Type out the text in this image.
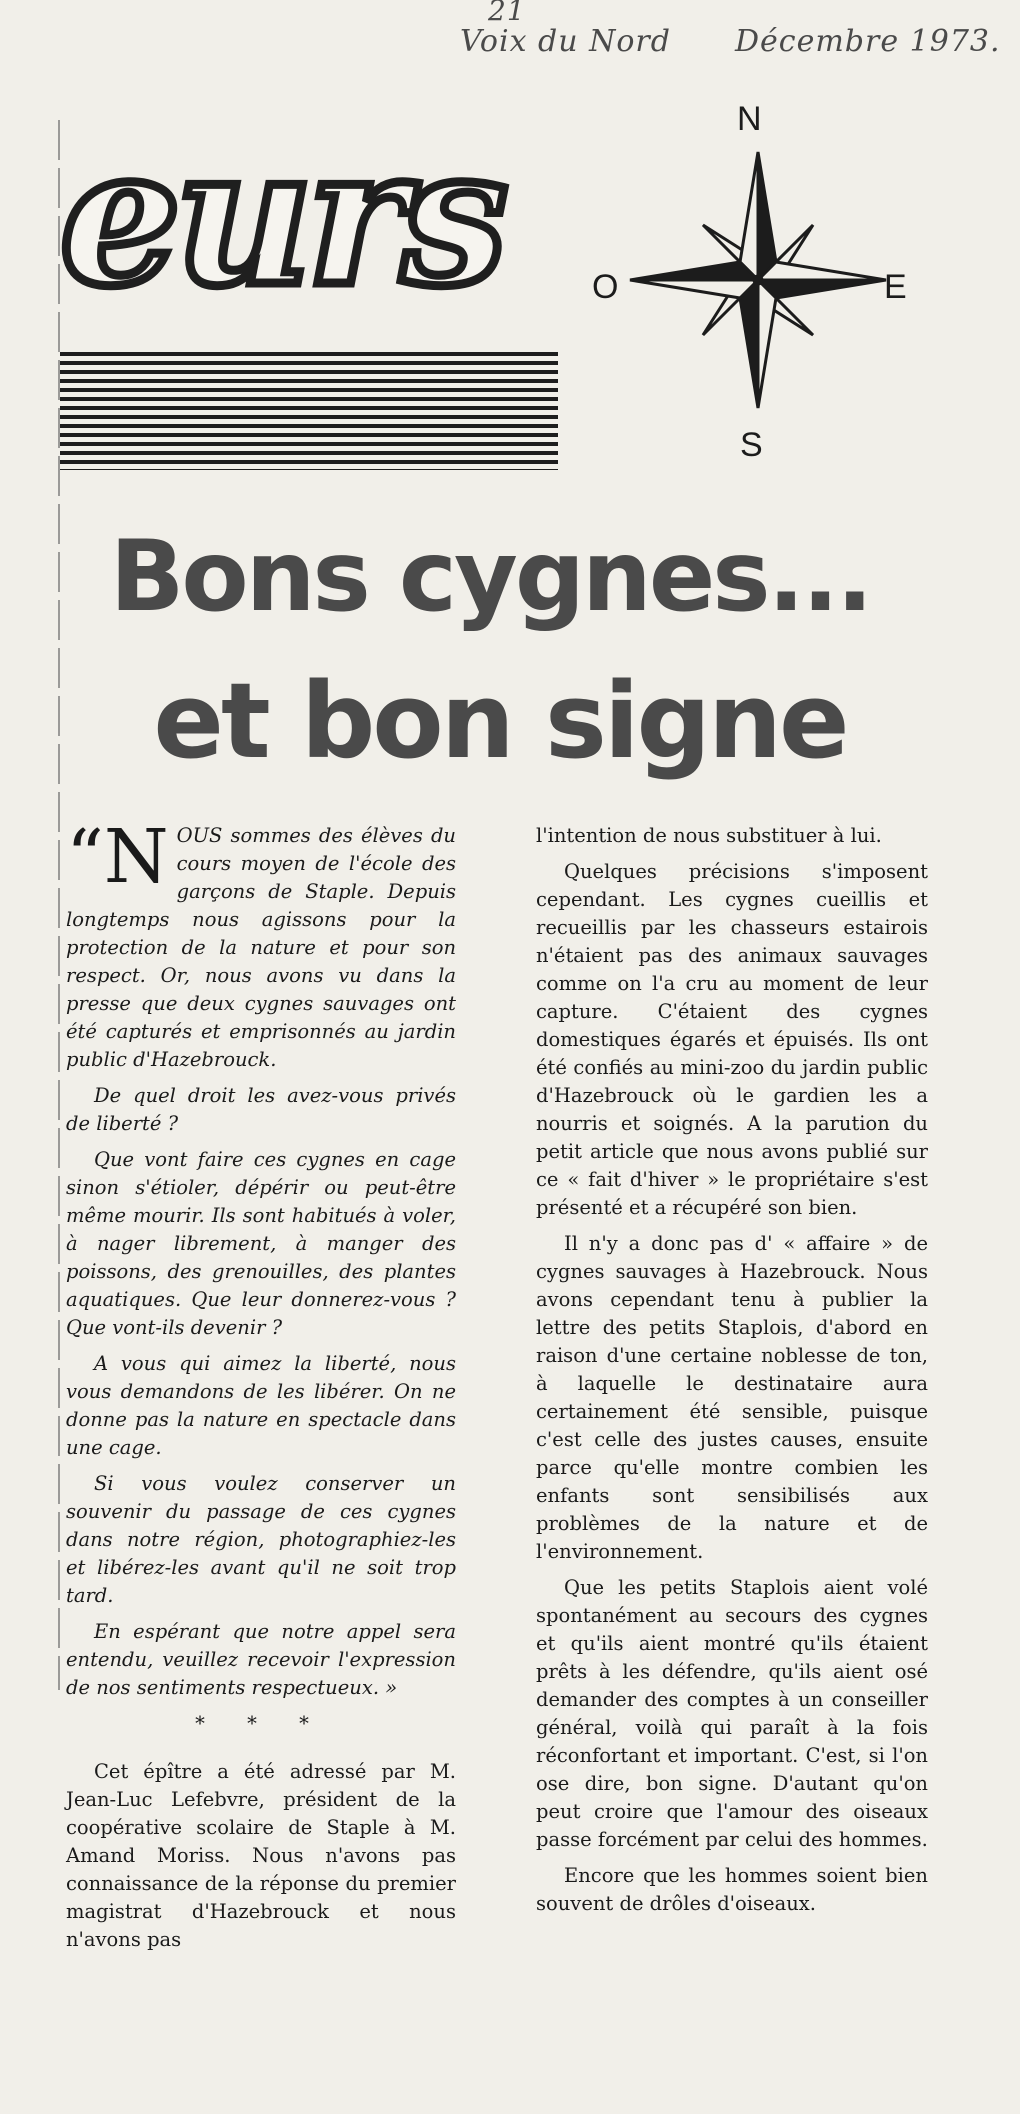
21
Voix du Nord Décembre 1973.
eurs	N
S
O	E
Bons cygnes...
et bon signe

“N OUS sommes des élèves du cours moyen de l'école des garçons de Staple. Depuis longtemps nous agissons pour la protection de la nature et pour son respect. Or, nous avons vu dans la presse que deux cygnes sauvages ont été capturés et emprisonnés au jardin public d'Hazebrouck.

De quel droit les avez-vous privés de liberté ?

Que vont faire ces cygnes en cage sinon s'étioler, dépérir ou peut-être même mourir. Ils sont habitués à voler, à nager librement, à manger des poissons, des grenouilles, des plantes aquatiques. Que leur donnerez-vous ? Que vont-ils devenir ?

A vous qui aimez la liberté, nous vous demandons de les libérer. On ne donne pas la nature en spectacle dans une cage.

Si vous voulez conserver un souvenir du passage de ces cygnes dans notre région, photographiez-les et libérez-les avant qu'il ne soit trop tard.

En espérant que notre appel sera entendu, veuillez recevoir l'expression de nos sentiments respectueux. »

* * *

Cet épître a été adressé par M. Jean-Luc Lefebvre, président de la coopérative scolaire de Staple à M. Amand Moriss. Nous n'avons pas connaissance de la réponse du premier magistrat d'Hazebrouck et nous n'avons pas

l'intention de nous substituer à lui.

Quelques précisions s'imposent cependant. Les cygnes cueillis et recueillis par les chasseurs estairois n'étaient pas des animaux sauvages comme on l'a cru au moment de leur capture. C'étaient des cygnes domestiques égarés et épuisés. Ils ont été confiés au mini-zoo du jardin public d'Hazebrouck où le gardien les a nourris et soignés. A la parution du petit article que nous avons publié sur ce « fait d'hiver » le propriétaire s'est présenté et a récupéré son bien.

Il n'y a donc pas d' « affaire » de cygnes sauvages à Hazebrouck. Nous avons cependant tenu à publier la lettre des petits Staplois, d'abord en raison d'une certaine noblesse de ton, à laquelle le destinataire aura certainement été sensible, puisque c'est celle des justes causes, ensuite parce qu'elle montre combien les enfants sont sensibilisés aux problèmes de la nature et de l'environnement.

Que les petits Staplois aient volé spontanément au secours des cygnes et qu'ils aient montré qu'ils étaient prêts à les défendre, qu'ils aient osé demander des comptes à un conseiller général, voilà qui paraît à la fois réconfortant et important. C'est, si l'on ose dire, bon signe. D'autant qu'on peut croire que l'amour des oiseaux passe forcément par celui des hommes.

Encore que les hommes soient bien souvent de drôles d'oiseaux.
